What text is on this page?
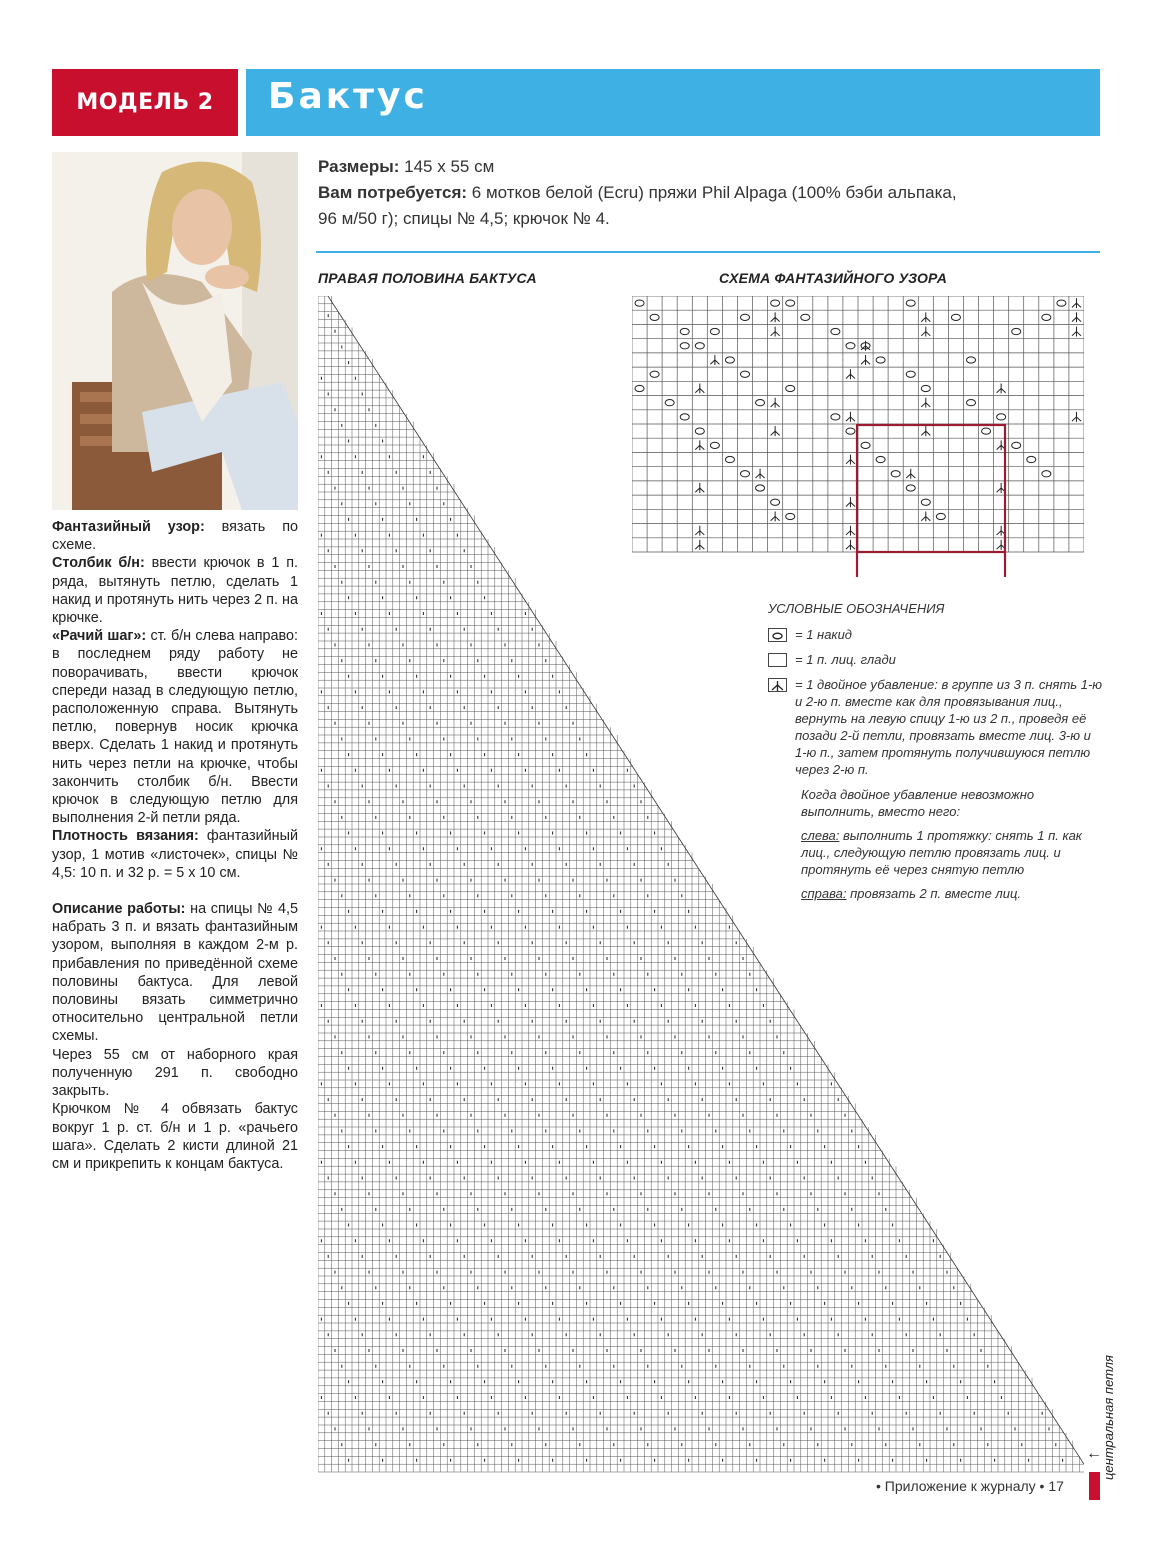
МОДЕЛЬ 2 Бактус

Фантазийный узор: вязать по схеме.

Столбик б/н: ввести крючок в 1 п. ряда, вытянуть петлю, сделать 1 накид и протянуть нить через 2 п. на крючке.

«Рачий шаг»: ст. б/н слева направо: в последнем ряду работу не поворачивать, ввести крючок спереди назад в следующую петлю, расположенную справа. Вытянуть петлю, повернув носик крючка вверх. Сделать 1 накид и протянуть нить через петли на крючке, чтобы закончить столбик б/н. Ввести крючок в следующую петлю для выполнения 2-й петли ряда.

Плотность вязания: фантазийный узор, 1 мотив «листочек», спицы № 4,5: 10 п. и 32 р. = 5 х 10 см.

Описание работы: на спицы № 4,5 набрать 3 п. и вязать фантазийным узором, выполняя в каждом 2-м р. прибавления по приведённой схеме половины бактуса. Для левой половины вязать симметрично относительно центральной петли схемы.

Через 55 см от наборного края полученную 291 п. свободно закрыть.

Крючком № 4 обвязать бактус вокруг 1 р. ст. б/н и 1 р. «рачьего шага». Сделать 2 кисти длиной 21 см и прикрепить к концам бактуса.

Размеры: 145 х 55 см

Вам потребуется: 6 мотков белой (Ecru) пряжи Phil Alpaga (100% бэби альпака,

96 м/50 г); спицы № 4,5; крючок № 4.

ПРАВАЯ ПОЛОВИНА БАКТУСА	СХЕМА ФАНТАЗИЙНОГО УЗОРА
УСЛОВНЫЕ ОБОЗНАЧЕНИЯ
= 1 накид
= 1 п. лиц. глади
= 1 двойное убавление: в группе из 3 п. снять 1-ю и 2-ю п. вместе как для провязывания лиц., вернуть на левую спицу 1-ю из 2 п., проведя её позади 2-й петли, провязать вместе лиц. 3-ю и 1-ю п., затем протянуть получившуюся петлю через 2-ю п.
Когда двойное убавление невозможно выполнить, вместо него:
слева: выполнить 1 протяжку: снять 1 п. как лиц., следующую петлю провязать лиц. и протянуть её через снятую петлю
справа: провязать 2 п. вместе лиц.
← центральная петля
• Приложение к журналу • 17
